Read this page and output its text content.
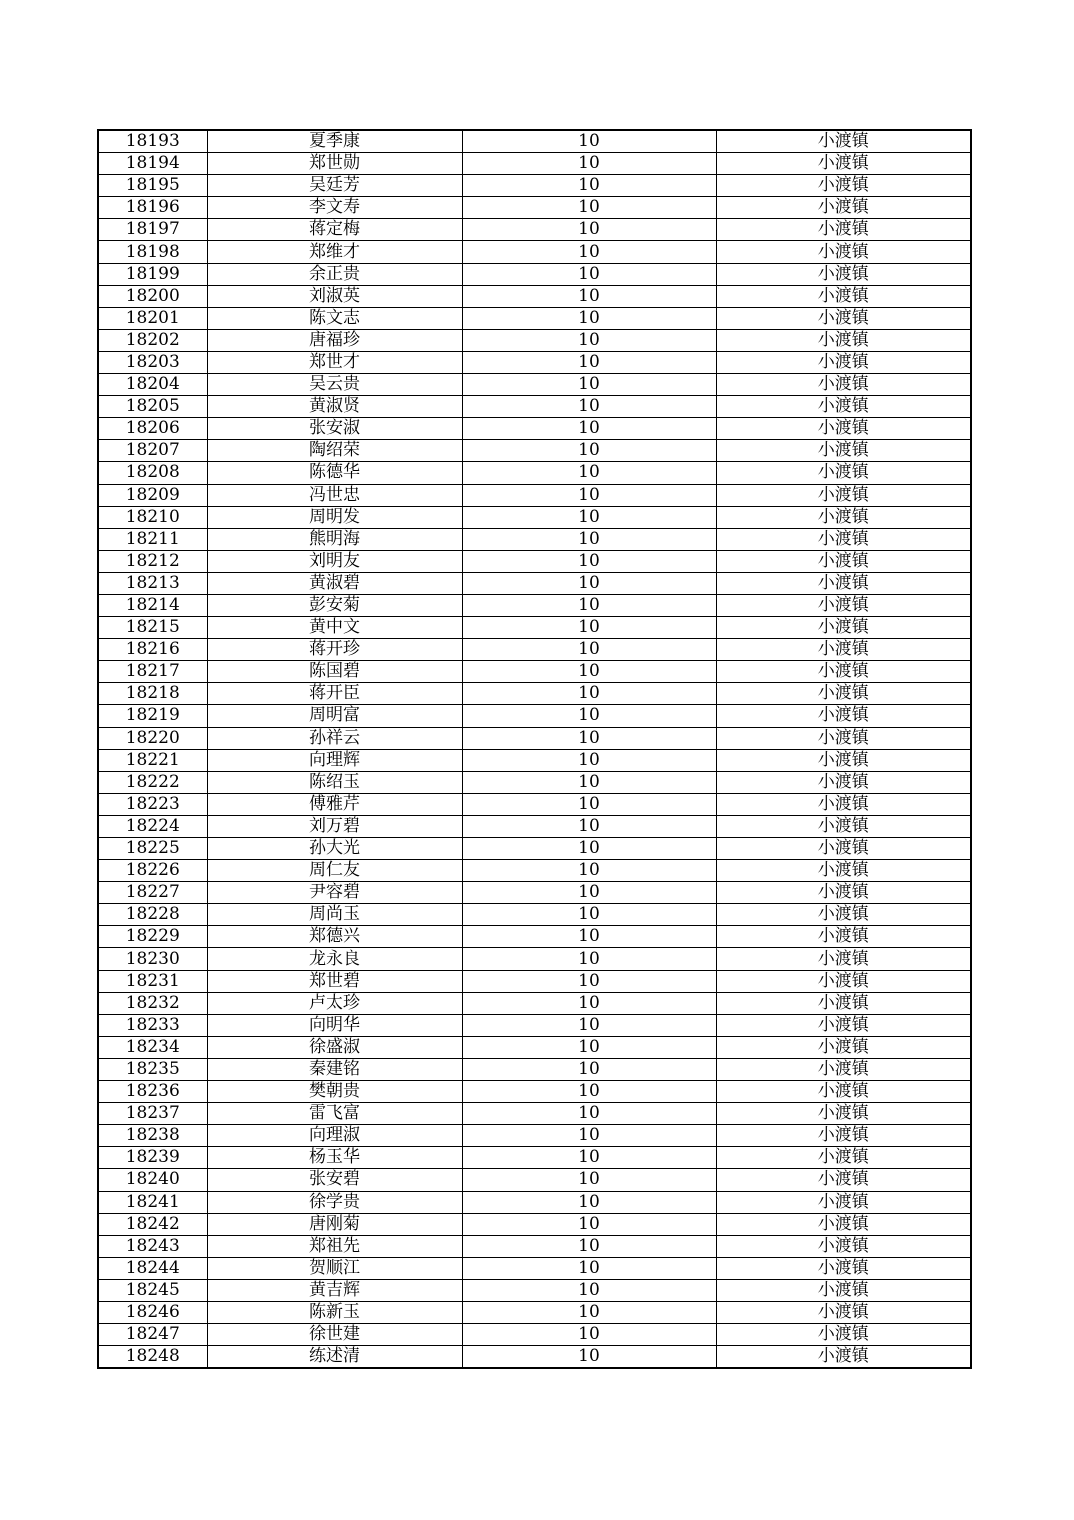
18193	夏季康	10	小渡镇
18194	郑世勋	10	小渡镇
18195	吴廷芳	10	小渡镇
18196	李文寿	10	小渡镇
18197	蒋定梅	10	小渡镇
18198	郑维才	10	小渡镇
18199	余正贵	10	小渡镇
18200	刘淑英	10	小渡镇
18201	陈文志	10	小渡镇
18202	唐福珍	10	小渡镇
18203	郑世才	10	小渡镇
18204	吴云贵	10	小渡镇
18205	黄淑贤	10	小渡镇
18206	张安淑	10	小渡镇
18207	陶绍荣	10	小渡镇
18208	陈德华	10	小渡镇
18209	冯世忠	10	小渡镇
18210	周明发	10	小渡镇
18211	熊明海	10	小渡镇
18212	刘明友	10	小渡镇
18213	黄淑碧	10	小渡镇
18214	彭安菊	10	小渡镇
18215	黄中文	10	小渡镇
18216	蒋开珍	10	小渡镇
18217	陈国碧	10	小渡镇
18218	蒋开臣	10	小渡镇
18219	周明富	10	小渡镇
18220	孙祥云	10	小渡镇
18221	向理辉	10	小渡镇
18222	陈绍玉	10	小渡镇
18223	傅雅芹	10	小渡镇
18224	刘万碧	10	小渡镇
18225	孙大光	10	小渡镇
18226	周仁友	10	小渡镇
18227	尹容碧	10	小渡镇
18228	周尚玉	10	小渡镇
18229	郑德兴	10	小渡镇
18230	龙永良	10	小渡镇
18231	郑世碧	10	小渡镇
18232	卢太珍	10	小渡镇
18233	向明华	10	小渡镇
18234	徐盛淑	10	小渡镇
18235	秦建铭	10	小渡镇
18236	樊朝贵	10	小渡镇
18237	雷飞富	10	小渡镇
18238	向理淑	10	小渡镇
18239	杨玉华	10	小渡镇
18240	张安碧	10	小渡镇
18241	徐学贵	10	小渡镇
18242	唐刚菊	10	小渡镇
18243	郑祖先	10	小渡镇
18244	贺顺江	10	小渡镇
18245	黄吉辉	10	小渡镇
18246	陈新玉	10	小渡镇
18247	徐世建	10	小渡镇
18248	练述清	10	小渡镇
